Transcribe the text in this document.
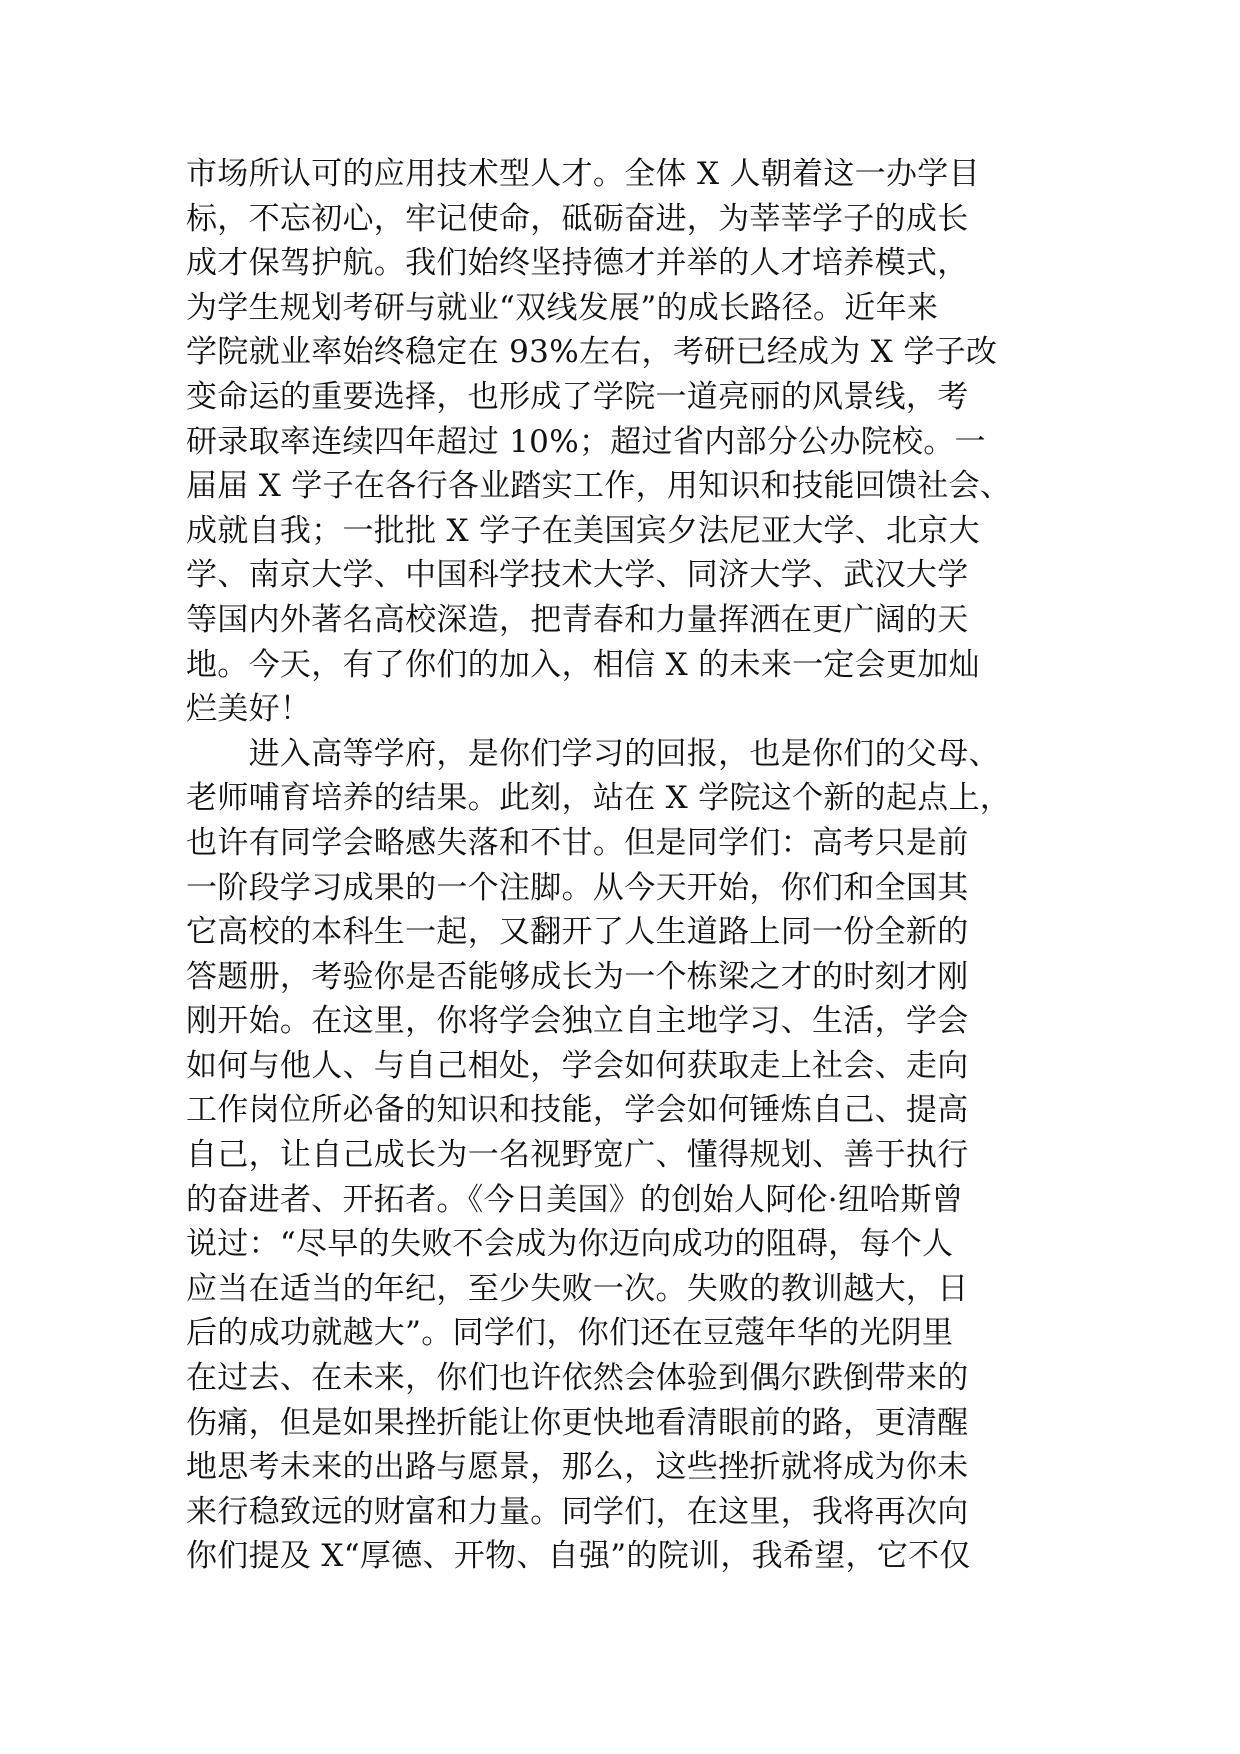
市场所认可的应用技术型人才。全体 X 人朝着这一办学目
标，不忘初心，牢记使命，砥砺奋进，为莘莘学子的成长
成才保驾护航。我们始终坚持德才并举的人才培养模式，
为学生规划考研与就业“双线发展”的成长路径。近年来
学院就业率始终稳定在 93%左右，考研已经成为 X 学子改
变命运的重要选择，也形成了学院一道亮丽的风景线，考
研录取率连续四年超过 10%；超过省内部分公办院校。一
届届 X 学子在各行各业踏实工作，用知识和技能回馈社会、
成就自我；一批批 X 学子在美国宾夕法尼亚大学、北京大
学、南京大学、中国科学技术大学、同济大学、武汉大学
等国内外著名高校深造，把青春和力量挥洒在更广阔的天
地。今天，有了你们的加入，相信 X 的未来一定会更加灿
烂美好！
　　进入高等学府，是你们学习的回报，也是你们的父母、
老师哺育培养的结果。此刻，站在 X 学院这个新的起点上，
也许有同学会略感失落和不甘。但是同学们：高考只是前
一阶段学习成果的一个注脚。从今天开始，你们和全国其
它高校的本科生一起，又翻开了人生道路上同一份全新的
答题册，考验你是否能够成长为一个栋梁之才的时刻才刚
刚开始。在这里，你将学会独立自主地学习、生活，学会
如何与他人、与自己相处，学会如何获取走上社会、走向
工作岗位所必备的知识和技能，学会如何锤炼自己、提高
自己，让自己成长为一名视野宽广、懂得规划、善于执行
的奋进者、开拓者。《今日美国》的创始人阿伦·纽哈斯曾
说过：“尽早的失败不会成为你迈向成功的阻碍，每个人
应当在适当的年纪，至少失败一次。失败的教训越大，日
后的成功就越大”。同学们，你们还在豆蔻年华的光阴里
在过去、在未来，你们也许依然会体验到偶尔跌倒带来的
伤痛，但是如果挫折能让你更快地看清眼前的路，更清醒
地思考未来的出路与愿景，那么，这些挫折就将成为你未
来行稳致远的财富和力量。同学们，在这里，我将再次向
你们提及 X“厚德、开物、自强”的院训，我希望，它不仅
